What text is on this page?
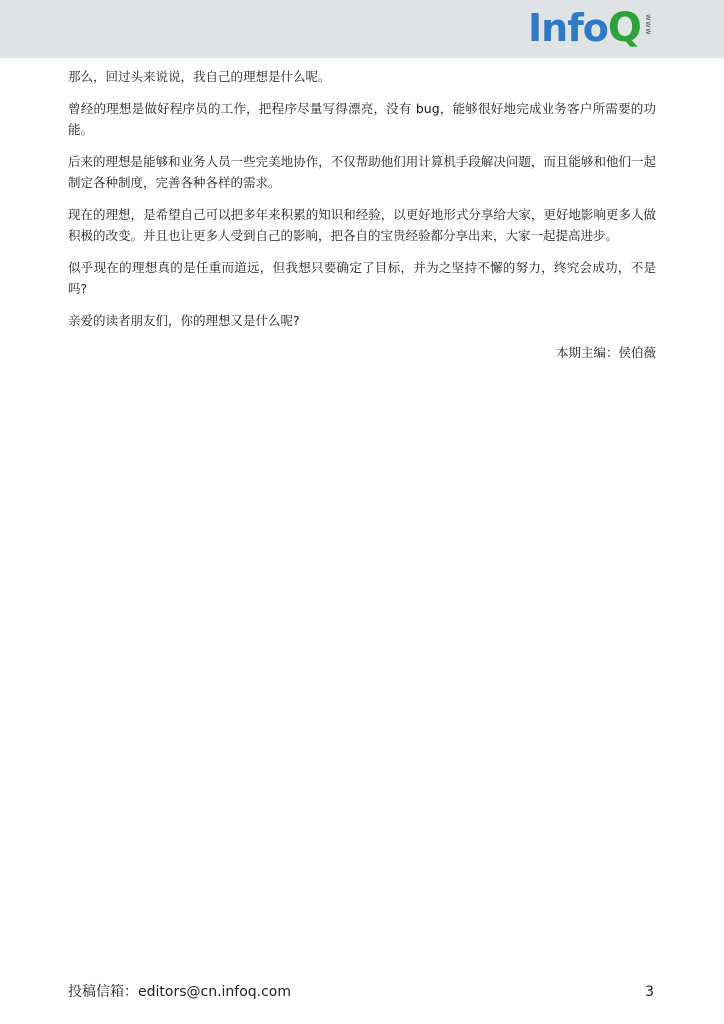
Info Q www

那么，回过头来说说，我自己的理想是什么呢。

曾经的理想是做好程序员的工作，把程序尽量写得漂亮，没有 bug，能够很好地完成业务客户所需要的功能。

后来的理想是能够和业务人员一些完美地协作，不仅帮助他们用计算机手段解决问题，而且能够和他们一起制定各种制度，完善各种各样的需求。

现在的理想，是希望自己可以把多年来积累的知识和经验，以更好地形式分享给大家，更好地影响更多人做积极的改变。并且也让更多人受到自己的影响，把各自的宝贵经验都分享出来，大家一起提高进步。

似乎现在的理想真的是任重而道远，但我想只要确定了目标，并为之坚持不懈的努力，终究会成功，不是吗?

亲爱的读者朋友们，你的理想又是什么呢?

本期主编：侯伯薇
投稿信箱：editors@cn.infoq.com	3
